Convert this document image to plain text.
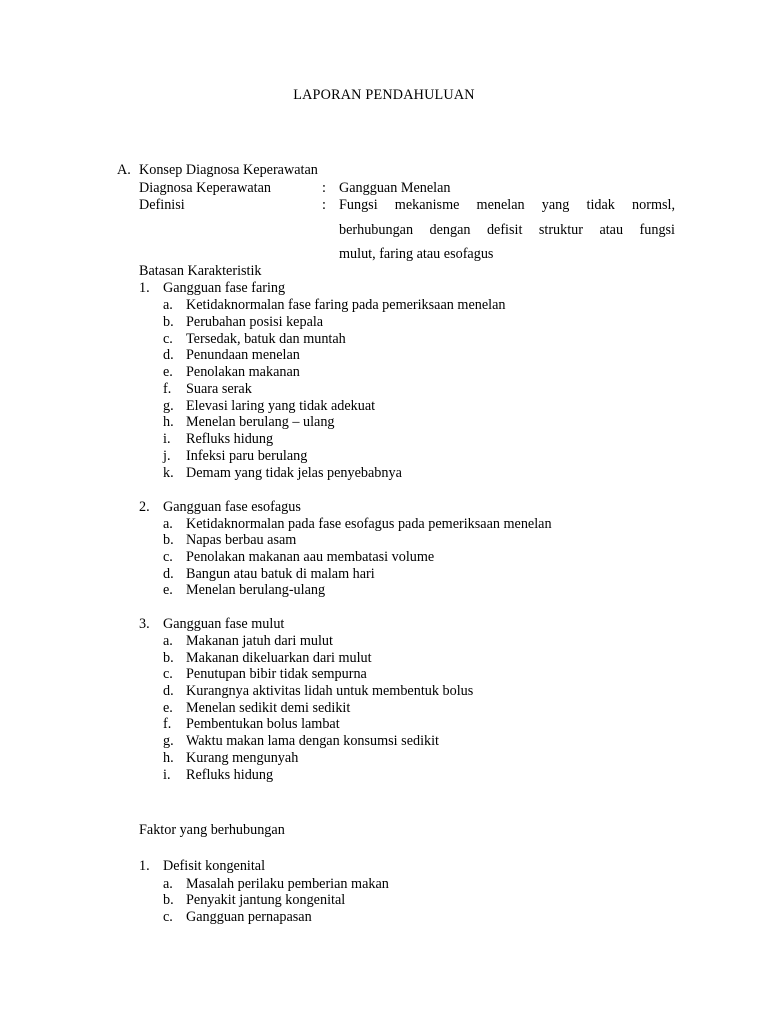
LAPORAN PENDAHULUAN
A. Konsep Diagnosa Keperawatan
Diagnosa Keperawatan	: Gangguan Menelan
Definisi	: Fungsi mekanisme menelan yang tidak normsl,
berhubungan dengan defisit struktur atau fungsi
mulut, faring atau esofagus
Batasan Karakteristik
1. Gangguan fase faring
a. Ketidaknormalan fase faring pada pemeriksaan menelan
b. Perubahan posisi kepala
c. Tersedak, batuk dan muntah
d. Penundaan menelan
e. Penolakan makanan
f. Suara serak
g. Elevasi laring yang tidak adekuat
h. Menelan berulang – ulang
i. Refluks hidung
j. Infeksi paru berulang
k. Demam yang tidak jelas penyebabnya
2. Gangguan fase esofagus
a. Ketidaknormalan pada fase esofagus pada pemeriksaan menelan
b. Napas berbau asam
c. Penolakan makanan aau membatasi volume
d. Bangun atau batuk di malam hari
e. Menelan berulang-ulang
3. Gangguan fase mulut
a. Makanan jatuh dari mulut
b. Makanan dikeluarkan dari mulut
c. Penutupan bibir tidak sempurna
d. Kurangnya aktivitas lidah untuk membentuk bolus
e. Menelan sedikit demi sedikit
f. Pembentukan bolus lambat
g. Waktu makan lama dengan konsumsi sedikit
h. Kurang mengunyah
i. Refluks hidung
Faktor yang berhubungan
1. Defisit kongenital
a. Masalah perilaku pemberian makan
b. Penyakit jantung kongenital
c. Gangguan pernapasan
